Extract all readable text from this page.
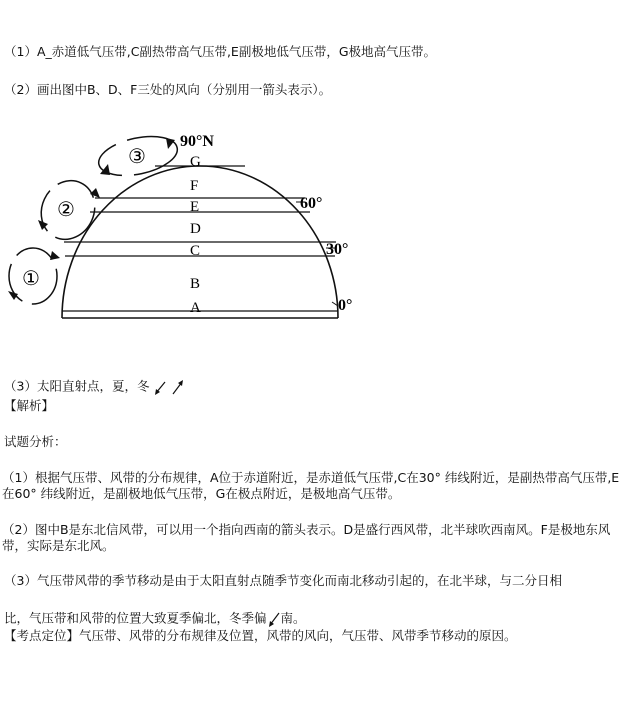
（1）A_赤道低气压带,C副热带高气压带,E副极地低气压带，G极地高气压带。
（2）画出图中B、D、F三处的风向（分别用一箭头表示）。
A
B
C
D
E
F
G
90°N
60°
30°
0°
①
②
③
（3）太阳直射点，夏，冬
【解析】
试题分析：
（1）根据气压带、风带的分布规律，A位于赤道附近，是赤道低气压带,C在30° 纬线附近，是副热带高气压带,E在60° 纬线附近，是副极地低气压带，G在极点附近，是极地高气压带。
（2）图中B是东北信风带，可以用一个指向西南的箭头表示。D是盛行西风带，北半球吹西南风。F是极地东风带，实际是东北风。
（3）气压带风带的季节移动是由于太阳直射点随季节变化而南北移动引起的，在北半球，与二分日相
比，气压带和风带的位置大致夏季偏北，冬季偏 南。
【考点定位】气压带、风带的分布规律及位置，风带的风向，气压带、风带季节移动的原因。
